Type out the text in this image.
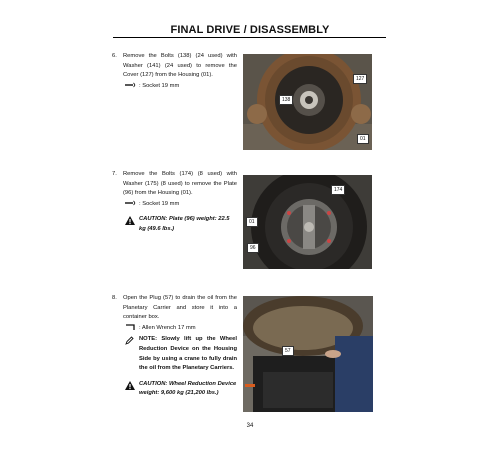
FINAL DRIVE / DISASSEMBLY
6.	Remove the Bolts (138) (24 used) with Washer (141) (24 used) to remove the Cover (127) from the Housing (01).

: Socket 19 mm
127
138
01
7.	Remove the Bolts (174) (8 used) with Washer (175) (8 used) to remove the Plate (96) from the Housing (01).

: Socket 19 mm
CAUTION: Plate (96) weight: 22.5 kg (49.6 lbs.)
174
01
96
8.	Open the Plug (57) to drain the oil from the Planetary Carrier and store it into a container box.

: Allen Wrench 17 mm
NOTE: Slowly lift up the Wheel Reduction Device on the Housing Side by using a crane to fully drain the oil from the Planetary Carriers.
CAUTION: Wheel Reduction Device weight: 9,600 kg (21,200 lbs.)
57
34
